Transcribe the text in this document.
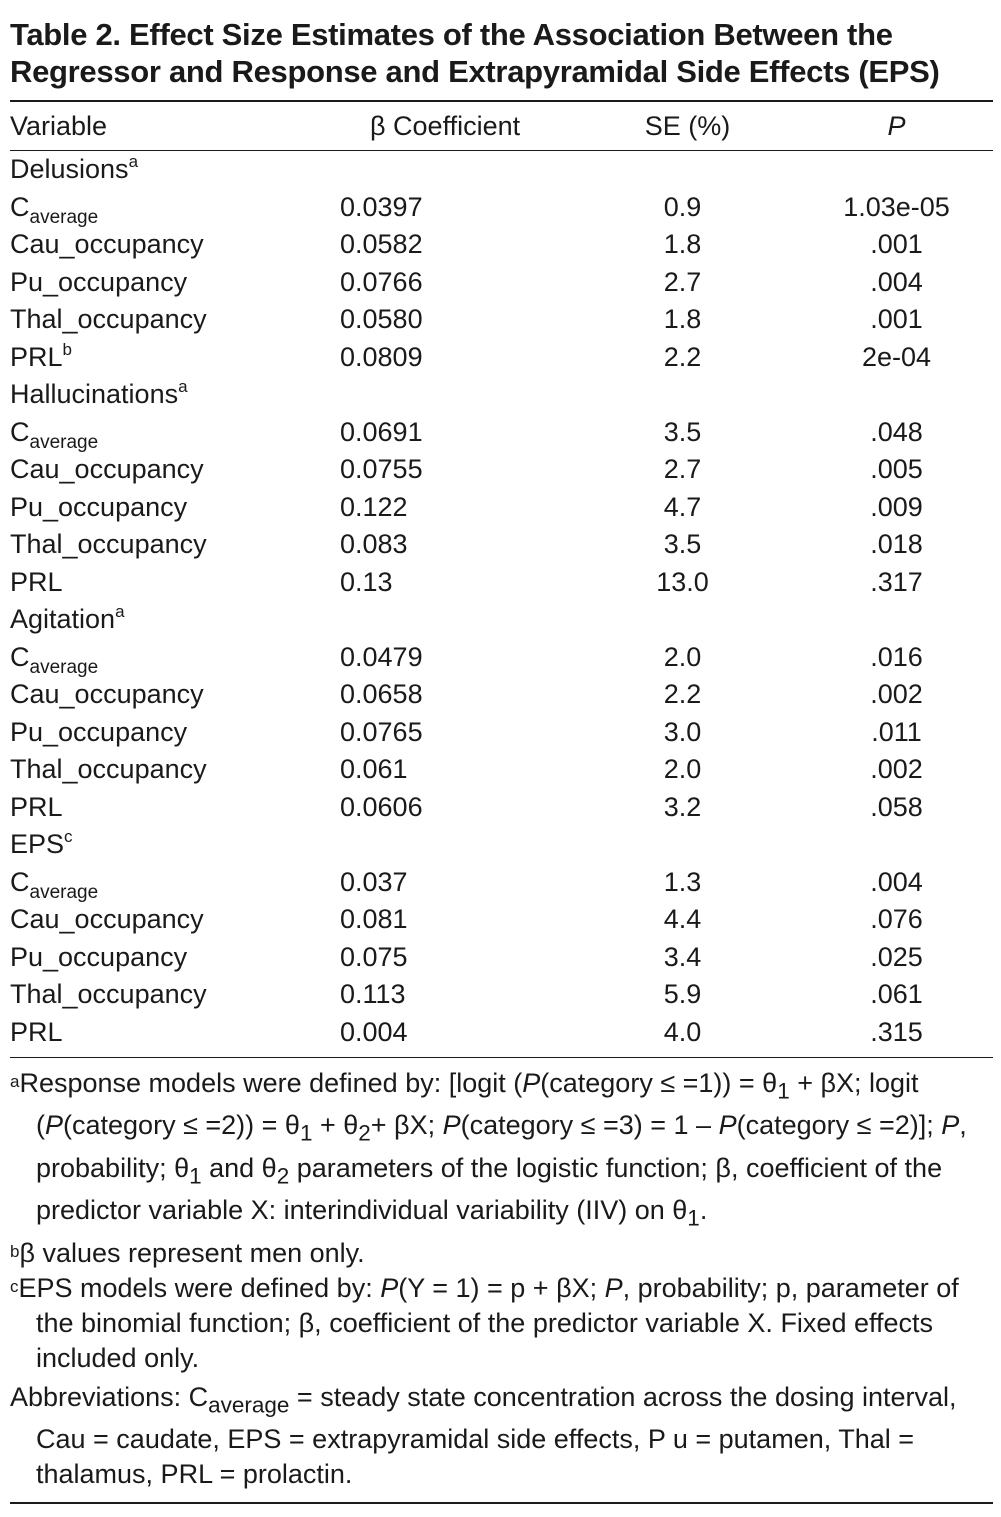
Table 2. Effect Size Estimates of the Association Between the Regressor and Response and Extrapyramidal Side Effects (EPS)
Variable	β Coefficient	SE (%)	P
Delusions$^a$
$C_{average}$	0.0397	0.9	1.03e-05
Cau_occupancy	0.0582	1.8	.001
Pu_occupancy	0.0766	2.7	.004
Thal_occupancy	0.0580	1.8	.001
PRL$^b$	0.0809	2.2	2e-04
Hallucinations$^a$
$C_{average}$	0.0691	3.5	.048
Cau_occupancy	0.0755	2.7	.005
Pu_occupancy	0.122	4.7	.009
Thal_occupancy	0.083	3.5	.018
PRL	0.13	13.0	.317
Agitation$^a$
$C_{average}$	0.0479	2.0	.016
Cau_occupancy	0.0658	2.2	.002
Pu_occupancy	0.0765	3.0	.011
Thal_occupancy	0.061	2.0	.002
PRL	0.0606	3.2	.058
EPS$^c$
$C_{average}$	0.037	1.3	.004
Cau_occupancy	0.081	4.4	.076
Pu_occupancy	0.075	3.4	.025
Thal_occupancy	0.113	5.9	.061
PRL	0.004	4.0	.315

$^a$Response models were defined by: [logit (P(category ≤ $=1)) = \theta_1 + \beta X$; logit (P(category ≤ $=2)) = \theta_1 + \theta_2+ \beta X$; P(category ≤ =3) = 1 – P(category ≤ =2)]; P, probability; $\theta_1$ and $\theta_2$ parameters of the logistic function; β, coefficient of the predictor variable X: interindividual variability (IIV) on $\theta_1$.

$^b$β values represent men only.

$^c$EPS models were defined by: P(Y = 1) = p + βX; P, probability; p, parameter of the binomial function; β, coefficient of the predictor variable X. Fixed effects included only.

Abbreviations: $C_{average}$ = steady state concentration across the dosing interval, Cau = caudate, EPS = extrapyramidal side effects, P u = putamen, Thal = thalamus, PRL = prolactin.
